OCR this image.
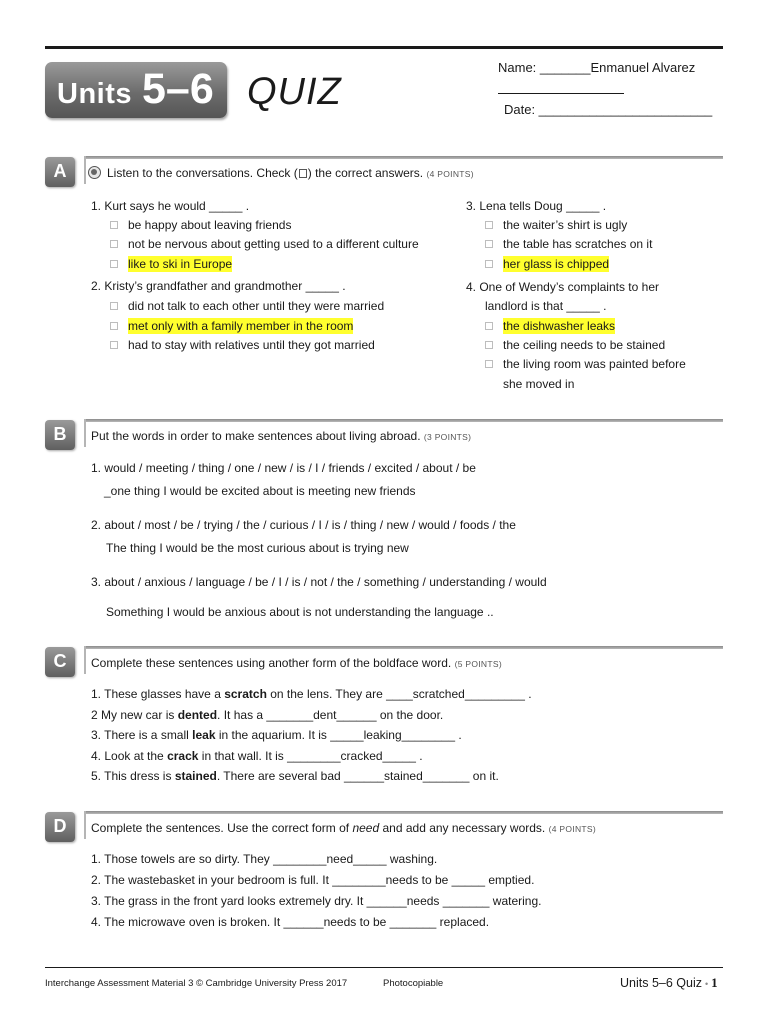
Units 5–6 QUIZ
Name: _______Enmanuel Alvarez
Date: ________________________
A	Listen to the conversations. Check ( ) the correct answers. (4 POINTS)
1. Kurt says he would _____ .
be happy about leaving friends
not be nervous about getting used to a different culture
like to ski in Europe
2. Kristy’s grandfather and grandmother _____ .
did not talk to each other until they were married
met only with a family member in the room
had to stay with relatives until they got married
3. Lena tells Doug _____ .
the waiter’s shirt is ugly
the table has scratches on it
her glass is chipped
4. One of Wendy’s complaints to her
landlord is that _____ .
the dishwasher leaks
the ceiling needs to be stained
the living room was painted before
she moved in
B	Put the words in order to make sentences about living abroad. (3 POINTS)
1. would / meeting / thing / one / new / is / I / friends / excited / about / be
_one thing I would be excited about is meeting new friends
2. about / most / be / trying / the / curious / I / is / thing / new / would / foods / the
The thing I would be the most curious about is trying new
3. about / anxious / language / be / I / is / not / the / something / understanding / would
Something I would be anxious about is not understanding the language ..
C	Complete these sentences using another form of the boldface word. (5 POINTS)
1. These glasses have a scratch on the lens. They are ____scratched_________ .
2 My new car is dented. It has a _______dent______ on the door.
3. There is a small leak in the aquarium. It is _____leaking________ .
4. Look at the crack in that wall. It is ________cracked_____ .
5. This dress is stained. There are several bad ______stained_______ on it.
D	Complete the sentences. Use the correct form of need and add any necessary words. (4 POINTS)
1. Those towels are so dirty. They ________need_____ washing.
2. The wastebasket in your bedroom is full. It ________needs to be _____ emptied.
3. The grass in the front yard looks extremely dry. It ______needs _______ watering.
4. The microwave oven is broken. It ______needs to be _______ replaced.
Interchange Assessment Material 3 © Cambridge University Press 2017	Photocopiable	Units 5–6 Quiz • 1
